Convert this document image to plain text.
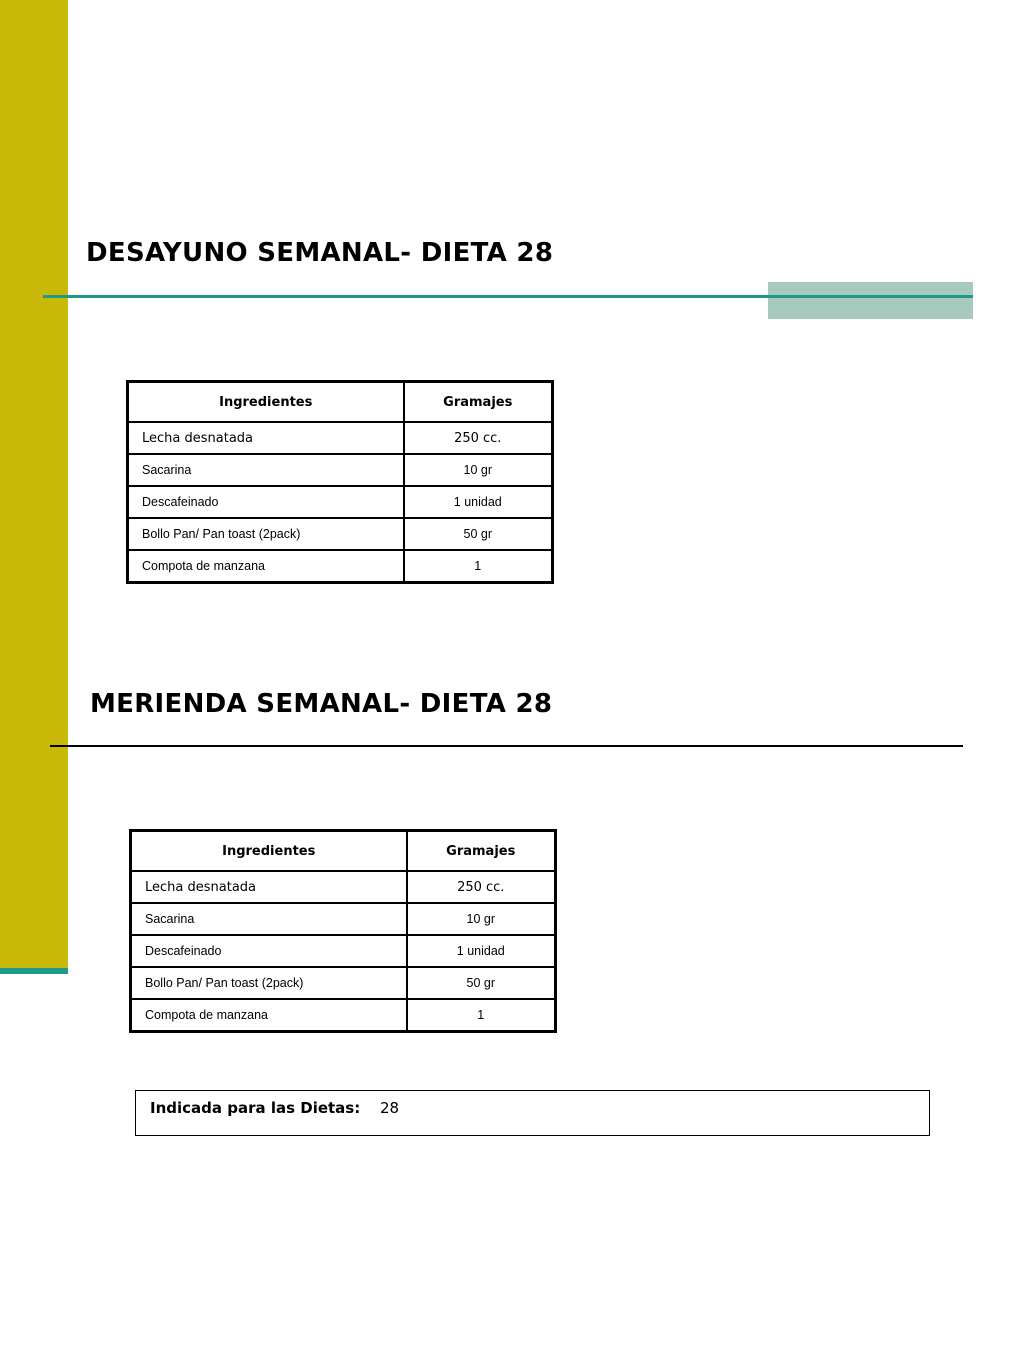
DESAYUNO SEMANAL- DIETA 28
Ingredientes	Gramajes
Lecha desnatada	250 cc.
Sacarina	10 gr
Descafeinado	1 unidad
Bollo Pan/ Pan toast (2pack)	50 gr
Compota de manzana	1
MERIENDA SEMANAL- DIETA 28
Ingredientes	Gramajes
Lecha desnatada	250 cc.
Sacarina	10 gr
Descafeinado	1 unidad
Bollo Pan/ Pan toast (2pack)	50 gr
Compota de manzana	1
Indicada para las Dietas: 28
